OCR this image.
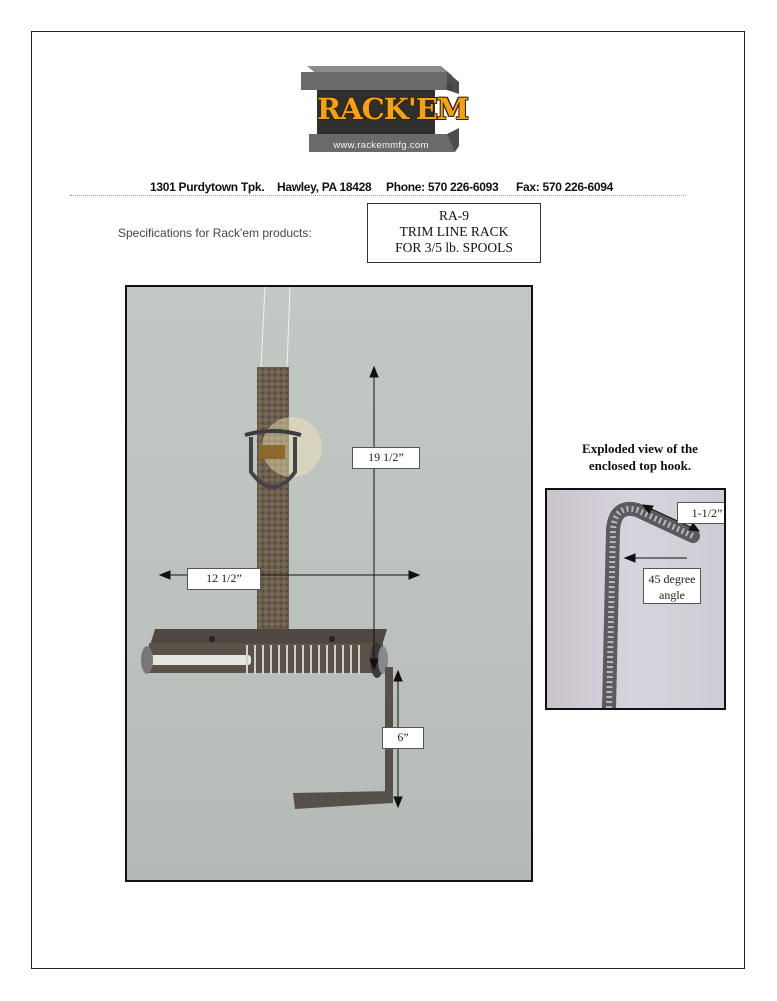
RACK'EM
®
www.rackemmfg.com
1301 Purdytown Tpk. Hawley, PA 18428 Phone: 570 226-6093 Fax: 570 226-6094
Specifications for Rack'em products:
RA-9
TRIM LINE RACK
FOR 3/5 lb. SPOOLS
19 1/2”
12 1/2”
6”
Exploded view of the
enclosed top hook.
1-1/2”
45 degree
angle
